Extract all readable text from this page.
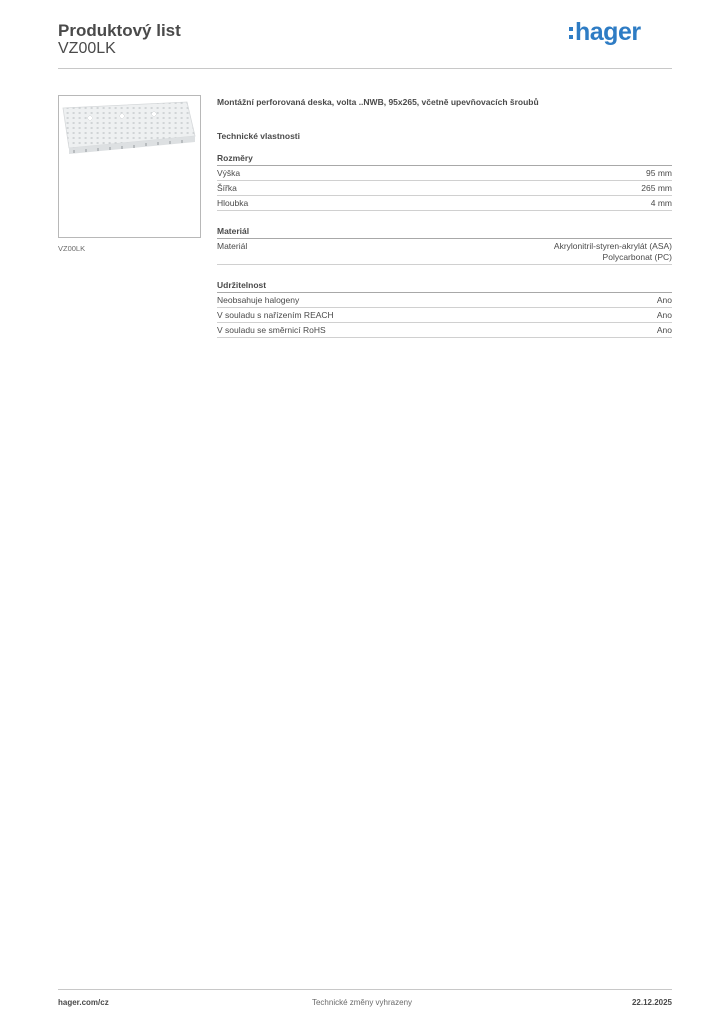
Produktový list
VZ00LK
hager
VZ00LK

Montážní perforovaná deska, volta ..NWB, 95x265, včetně upevňovacích šroubů

Technické vlastnosti
Rozměry
Výška	95 mm
Šířka	265 mm
Hloubka	4 mm
Materiál
Materiál	Akrylonitril-styren-akrylát (ASA)
Polycarbonat (PC)
Udržitelnost
Neobsahuje halogeny	Ano
V souladu s nařízením REACH	Ano
V souladu se směrnicí RoHS	Ano
hager.com/cz	Technické změny vyhrazeny	22.12.2025
